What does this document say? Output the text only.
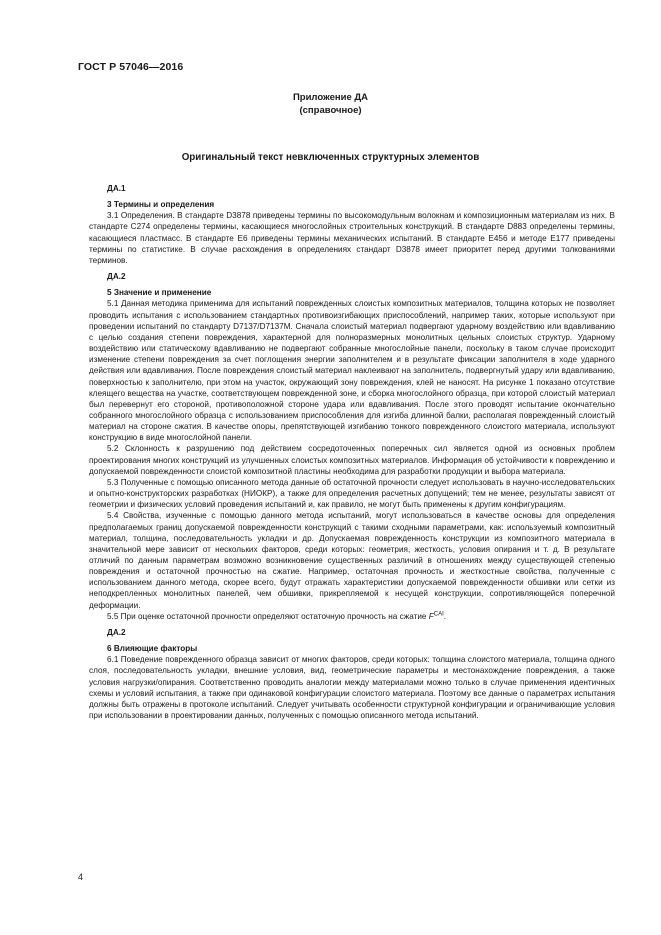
ГОСТ Р 57046—2016
Приложение ДА
(справочное)
Оригинальный текст невключенных структурных элементов
ДА.1
3 Термины и определения

3.1 Определения. В стандарте D3878 приведены термины по высокомодульным волокнам и композиционным материалам из них. В стандарте С274 определены термины, касающиеся многослойных строительных конструкций. В стандарте D883 определены термины, касающиеся пластмасс. В стандарте Е6 приведены термины механических испытаний. В стандарте Е456 и методе Е177 приведены термины по статистике. В случае расхождения в определениях стандарт D3878 имеет приоритет перед другими толкованиями терминов.

ДА.2
5 Значение и применение

5.1 Данная методика применима для испытаний поврежденных слоистых композитных материалов, толщина которых не позволяет проводить испытания с использованием стандартных противоизгибающих приспособлений, например таких, которые используют при проведении испытаний по стандарту D7137/D7137M. Сначала слоистый материал подвергают ударному воздействию или вдавливанию с целью создания степени повреждения, характерной для полноразмерных монолитных цельных слоистых структур. Ударному воздействию или статическому вдавливанию не подвергают собранные многослойные панели, поскольку в таком случае происходит изменение степени повреждения за счет поглощения энергии заполнителем и в результате фиксации заполнителя в ходе ударного действия или вдавливания. После повреждения слоистый материал наклеивают на заполнитель, подвергнутый удару или вдавливанию, поверхностью к заполнителю, при этом на участок, окружающий зону повреждения, клей не наносят. На рисунке 1 показано отсутствие клеящего вещества на участке, соответствующем поврежденной зоне, и сборка многослойного образца, при которой слоистый материал был перевернут его стороной, противоположной стороне удара или вдавливания. После этого проводят испытание окончательно собранного многослойного образца с использованием приспособления для изгиба длинной балки, располагая поврежденный слоистый материал на стороне сжатия. В качестве опоры, препятствующей изгибанию тонкого поврежденного слоистого материала, используют конструкцию в виде многослойной панели.

5.2 Склонность к разрушению под действием сосредоточенных поперечных сил является одной из основных проблем проектирования многих конструкций из улучшенных слоистых композитных материалов. Информация об устойчивости к повреждению и допускаемой поврежденности слоистой композитной пластины необходима для разработки продукции и выбора материала.

5.3 Полученные с помощью описанного метода данные об остаточной прочности следует использовать в научно-исследовательских и опытно-конструкторских разработках (НИОКР), а также для определения расчетных допущений; тем не менее, результаты зависят от геометрии и физических условий проведения испытаний и, как правило, не могут быть применены к другим конфигурациям.

5.4 Свойства, изученные с помощью данного метода испытаний, могут использоваться в качестве основы для определения предполагаемых границ допускаемой поврежденности конструкций с такими сходными параметрами, как: используемый композитный материал, толщина, последовательность укладки и др. Допускаемая поврежденность конструкции из композитного материала в значительной мере зависит от нескольких факторов, среди которых: геометрия, жесткость, условия опирания и т. д. В результате отличий по данным параметрам возможно возникновение существенных различий в отношениях между существующей степенью повреждения и остаточной прочностью на сжатие. Например, остаточная прочность и жесткостные свойства, полученные с использованием данного метода, скорее всего, будут отражать характеристики допускаемой поврежденности обшивки или сетки из неподкрепленных монолитных панелей, чем обшивки, прикрепляемой к несущей конструкции, сопротивляющейся поперечной деформации.

5.5 При оценке остаточной прочности определяют остаточную прочность на сжатие $F^{CAI}$.

ДА.2
6 Влияющие факторы

6.1 Поведение поврежденного образца зависит от многих факторов, среди которых: толщина слоистого материала, толщина одного слоя, последовательность укладки, внешние условия, вид, геометрические параметры и местонахождение повреждения, а также условия нагрузки/опирания. Соответственно проводить аналогии между материалами можно только в случае применения идентичных схемы и условий испытания, а также при одинаковой конфигурации слоистого материала. Поэтому все данные о параметрах испытания должны быть отражены в протоколе испытаний. Следует учитывать особенности структурной конфигурации и ограничивающие условия при использовании в проектировании данных, полученных с помощью описанного метода испытаний.

4
